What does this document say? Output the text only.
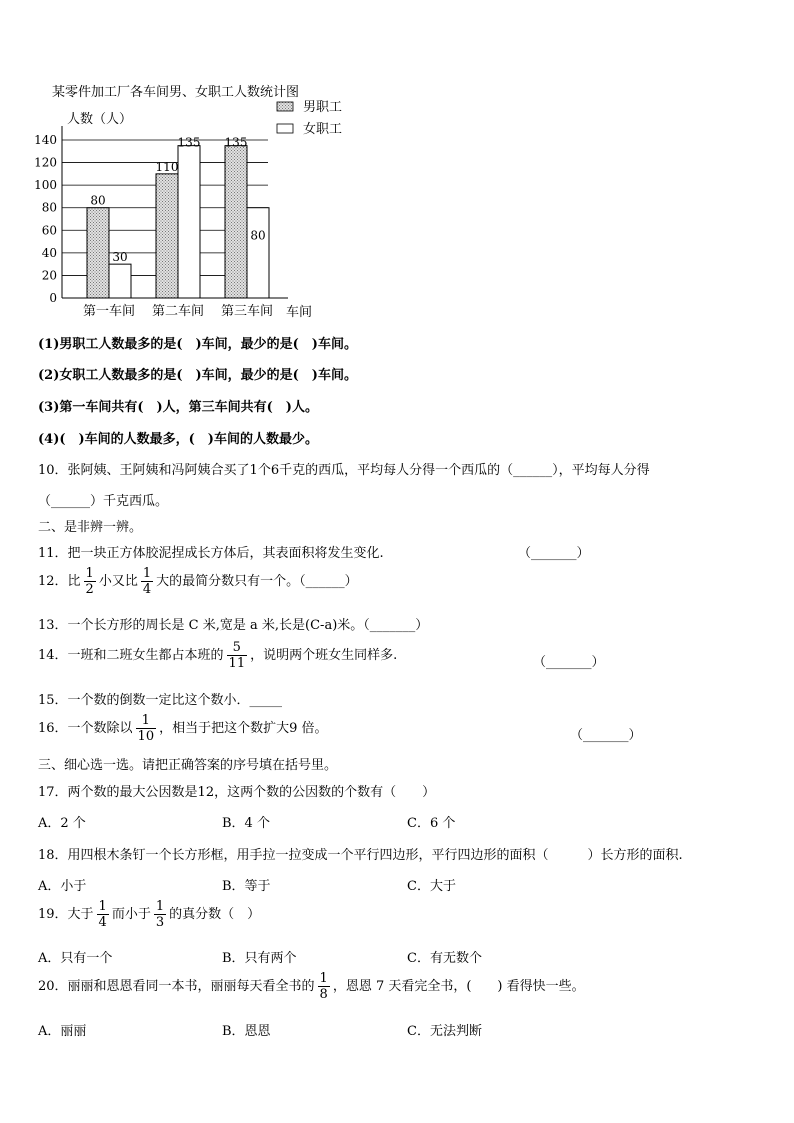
某零件加工厂各车间男、女职工人数统计图
人数（人）
0
20
40
60
80
100
120
140
80
30
110
135 135
80
第一车间 第二车间 第三车间 车间
男职工
女职工
(1)男职工人数最多的是(　)车间，最少的是(　)车间。
(2)女职工人数最多的是(　)车间，最少的是(　)车间。
(3)第一车间共有(　)人，第三车间共有(　)人。
(4)(　)车间的人数最多，(　)车间的人数最少。
10．张阿姨、王阿姨和冯阿姨合买了1个6千克的西瓜，平均每人分得一个西瓜的（______），平均每人分得
（______）千克西瓜。
二、是非辨一辨。
11．把一块正方体胶泥捏成长方体后，其表面积将发生变化.	（_______）
12．比 $\frac{1}{2}$ 小又比 $\frac{1}{4}$ 大的最简分数只有一个。（______）
13．一个长方形的周长是 C 米,宽是 a 米,长是(C-a)米。（_______）
14．一班和二班女生都占本班的 $\frac{5}{11}$ ，说明两个班女生同样多.	（_______）
15．一个数的倒数一定比这个数小．_____
16．一个数除以 $\frac{1}{10}$ ，相当于把这个数扩大9 倍。	（_______）
三、细心选一选。请把正确答案的序号填在括号里。
17．两个数的最大公因数是12，这两个数的公因数的个数有（　　）
A．2 个	B．4 个	C．6 个
18．用四根木条钉一个长方形框，用手拉一拉变成一个平行四边形，平行四边形的面积（　　　）长方形的面积.
A．小于	B．等于	C．大于
19．大于 $\frac{1}{4}$ 而小于 $\frac{1}{3}$ 的真分数（　）
A．只有一个	B．只有两个	C．有无数个
20．丽丽和恩恩看同一本书，丽丽每天看全书的 $\frac{1}{8}$ ，恩恩 7 天看完全书，(　　) 看得快一些。
A．丽丽	B．恩恩	C．无法判断
